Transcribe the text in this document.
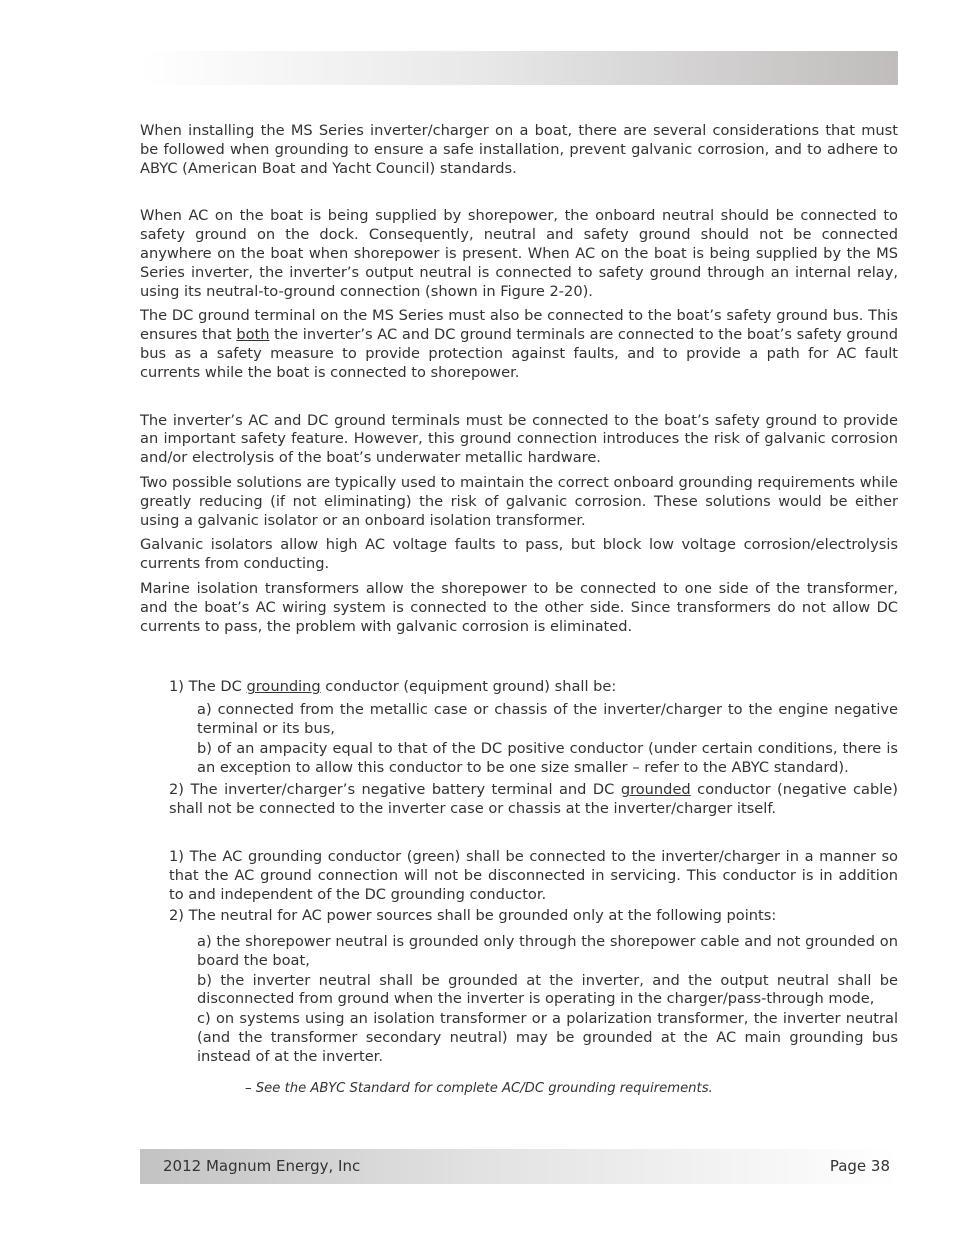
When installing the MS Series inverter/charger on a boat, there are several considerations that must be followed when grounding to ensure a safe installation, prevent galvanic corrosion, and to adhere to ABYC (American Boat and Yacht Council) standards.

When AC on the boat is being supplied by shorepower, the onboard neutral should be connected to safety ground on the dock. Consequently, neutral and safety ground should not be connected anywhere on the boat when shorepower is present. When AC on the boat is being supplied by the MS Series inverter, the inverter’s output neutral is connected to safety ground through an internal relay, using its neutral-to-ground connection (shown in Figure 2-20).

The DC ground terminal on the MS Series must also be connected to the boat’s safety ground bus. This ensures that both the inverter’s AC and DC ground terminals are connected to the boat’s safety ground bus as a safety measure to provide protection against faults, and to provide a path for AC fault currents while the boat is connected to shorepower.

The inverter’s AC and DC ground terminals must be connected to the boat’s safety ground to provide an important safety feature. However, this ground connection introduces the risk of galvanic corrosion and/or electrolysis of the boat’s underwater metallic hardware.

Two possible solutions are typically used to maintain the correct onboard grounding requirements while greatly reducing (if not eliminating) the risk of galvanic corrosion. These solutions would be either using a galvanic isolator or an onboard isolation transformer.

Galvanic isolators allow high AC voltage faults to pass, but block low voltage corrosion/electrolysis currents from conducting.

Marine isolation transformers allow the shorepower to be connected to one side of the transformer, and the boat’s AC wiring system is connected to the other side. Since transformers do not allow DC currents to pass, the problem with galvanic corrosion is eliminated.

1) The DC grounding conductor (equipment ground) shall be:

a) connected from the metallic case or chassis of the inverter/charger to the engine negative terminal or its bus,

b) of an ampacity equal to that of the DC positive conductor (under certain conditions, there is an exception to allow this conductor to be one size smaller – refer to the ABYC standard).

2) The inverter/charger’s negative battery terminal and DC grounded conductor (negative cable) shall not be connected to the inverter case or chassis at the inverter/charger itself.

1) The AC grounding conductor (green) shall be connected to the inverter/charger in a manner so that the AC ground connection will not be disconnected in servicing. This conductor is in addition to and independent of the DC grounding conductor.

2) The neutral for AC power sources shall be grounded only at the following points:

a) the shorepower neutral is grounded only through the shorepower cable and not grounded on board the boat,

b) the inverter neutral shall be grounded at the inverter, and the output neutral shall be disconnected from ground when the inverter is operating in the charger/pass-through mode,

c) on systems using an isolation transformer or a polarization transformer, the inverter neutral (and the transformer secondary neutral) may be grounded at the AC main grounding bus instead of at the inverter.

– See the ABYC Standard for complete AC/DC grounding requirements.

2012 Magnum Energy, Inc	Page 38
